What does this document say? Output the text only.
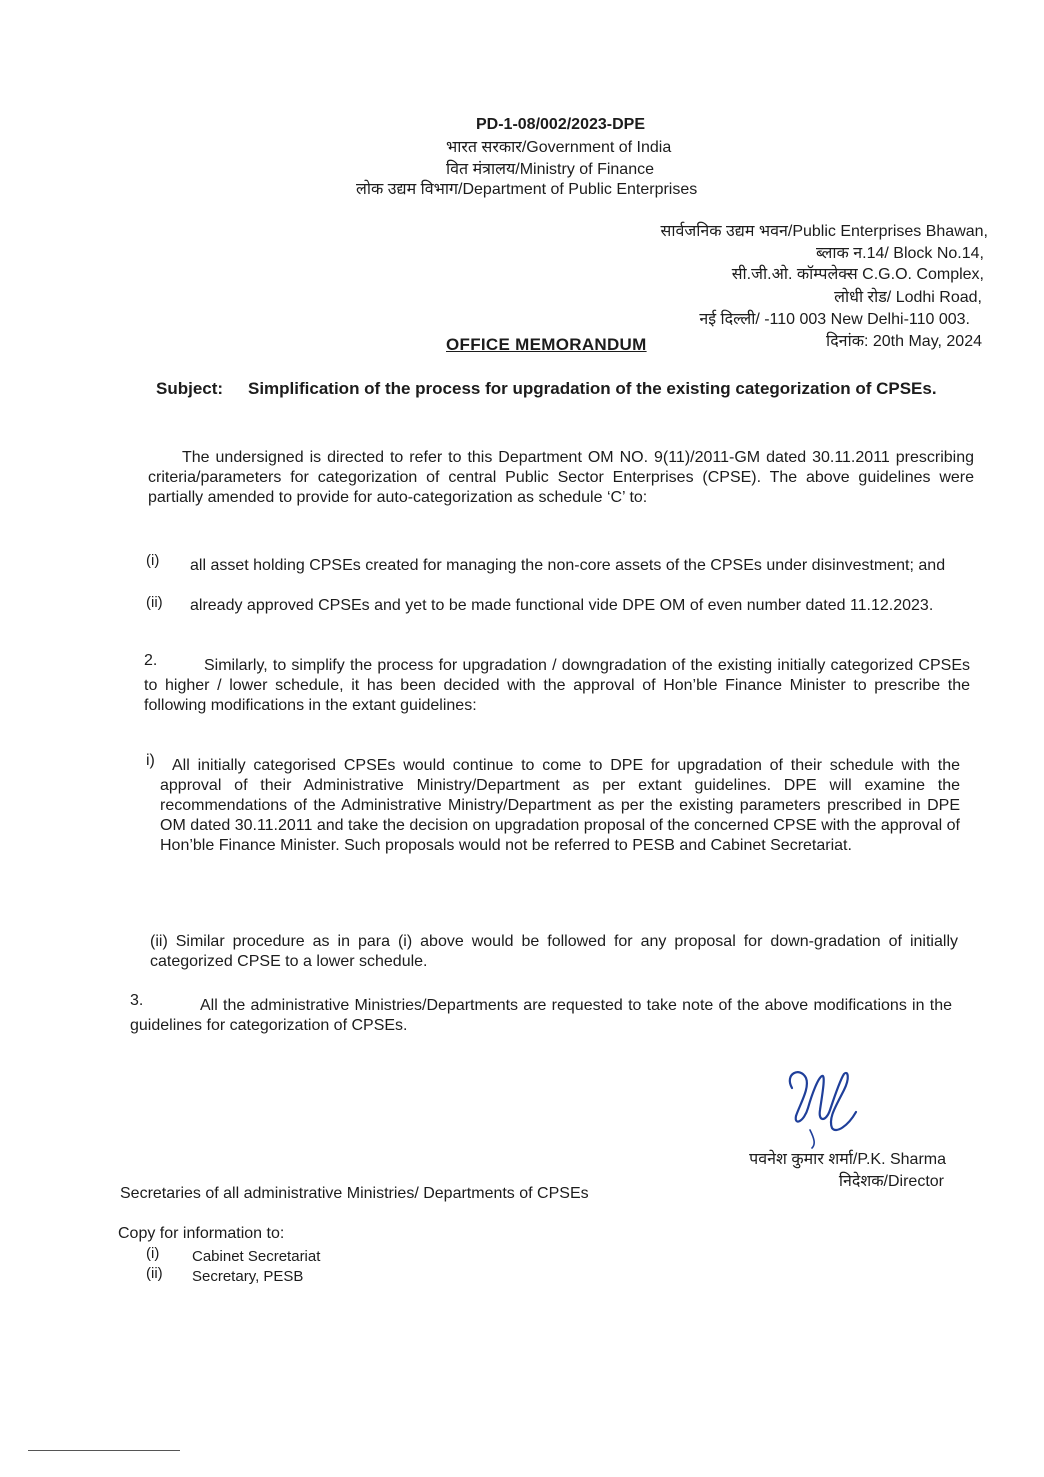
PD-1-08/002/2023-DPE
भारत सरकार/Government of India
वित मंत्रालय/Ministry of Finance
लोक उद्यम विभाग/Department of Public Enterprises
सार्वजनिक उद्यम भवन/Public Enterprises Bhawan,
ब्लाक न.14/ Block No.14,
सी.जी.ओ. कॉम्पलेक्स C.G.O. Complex,
लोधी रोड/ Lodhi Road,
नई दिल्ली/ -110 003 New Delhi-110 003.
दिनांक: 20th May, 2024
OFFICE MEMORANDUM
Subject: Simplification of the process for upgradation of the existing categorization of CPSEs.
The undersigned is directed to refer to this Department OM NO. 9(11)/2011-GM dated 30.11.2011 prescribing criteria/parameters for categorization of central Public Sector Enterprises (CPSE). The above guidelines were partially amended to provide for auto-categorization as schedule ‘C’ to:
(i) all asset holding CPSEs created for managing the non-core assets of the CPSEs under disinvestment; and
(ii) already approved CPSEs and yet to be made functional vide DPE OM of even number dated 11.12.2023.
2.	Similarly, to simplify the process for upgradation / downgradation of the existing initially categorized CPSEs to higher / lower schedule, it has been decided with the approval of Hon’ble Finance Minister to prescribe the following modifications in the extant guidelines:
i)	All initially categorised CPSEs would continue to come to DPE for upgradation of their schedule with the approval of their Administrative Ministry/Department as per extant guidelines. DPE will examine the recommendations of the Administrative Ministry/Department as per the existing parameters prescribed in DPE OM dated 30.11.2011 and take the decision on upgradation proposal of the concerned CPSE with the approval of Hon’ble Finance Minister. Such proposals would not be referred to PESB and Cabinet Secretariat.
(ii) Similar procedure as in para (i) above would be followed for any proposal for down-gradation of initially categorized CPSE to a lower schedule.
3.	All the administrative Ministries/Departments are requested to take note of the above modifications in the guidelines for categorization of CPSEs.
पवनेश कुमार शर्मा/P.K. Sharma
निदेशक/Director
Secretaries of all administrative Ministries/ Departments of CPSEs
Copy for information to:
(i) Cabinet Secretariat
(ii) Secretary, PESB
